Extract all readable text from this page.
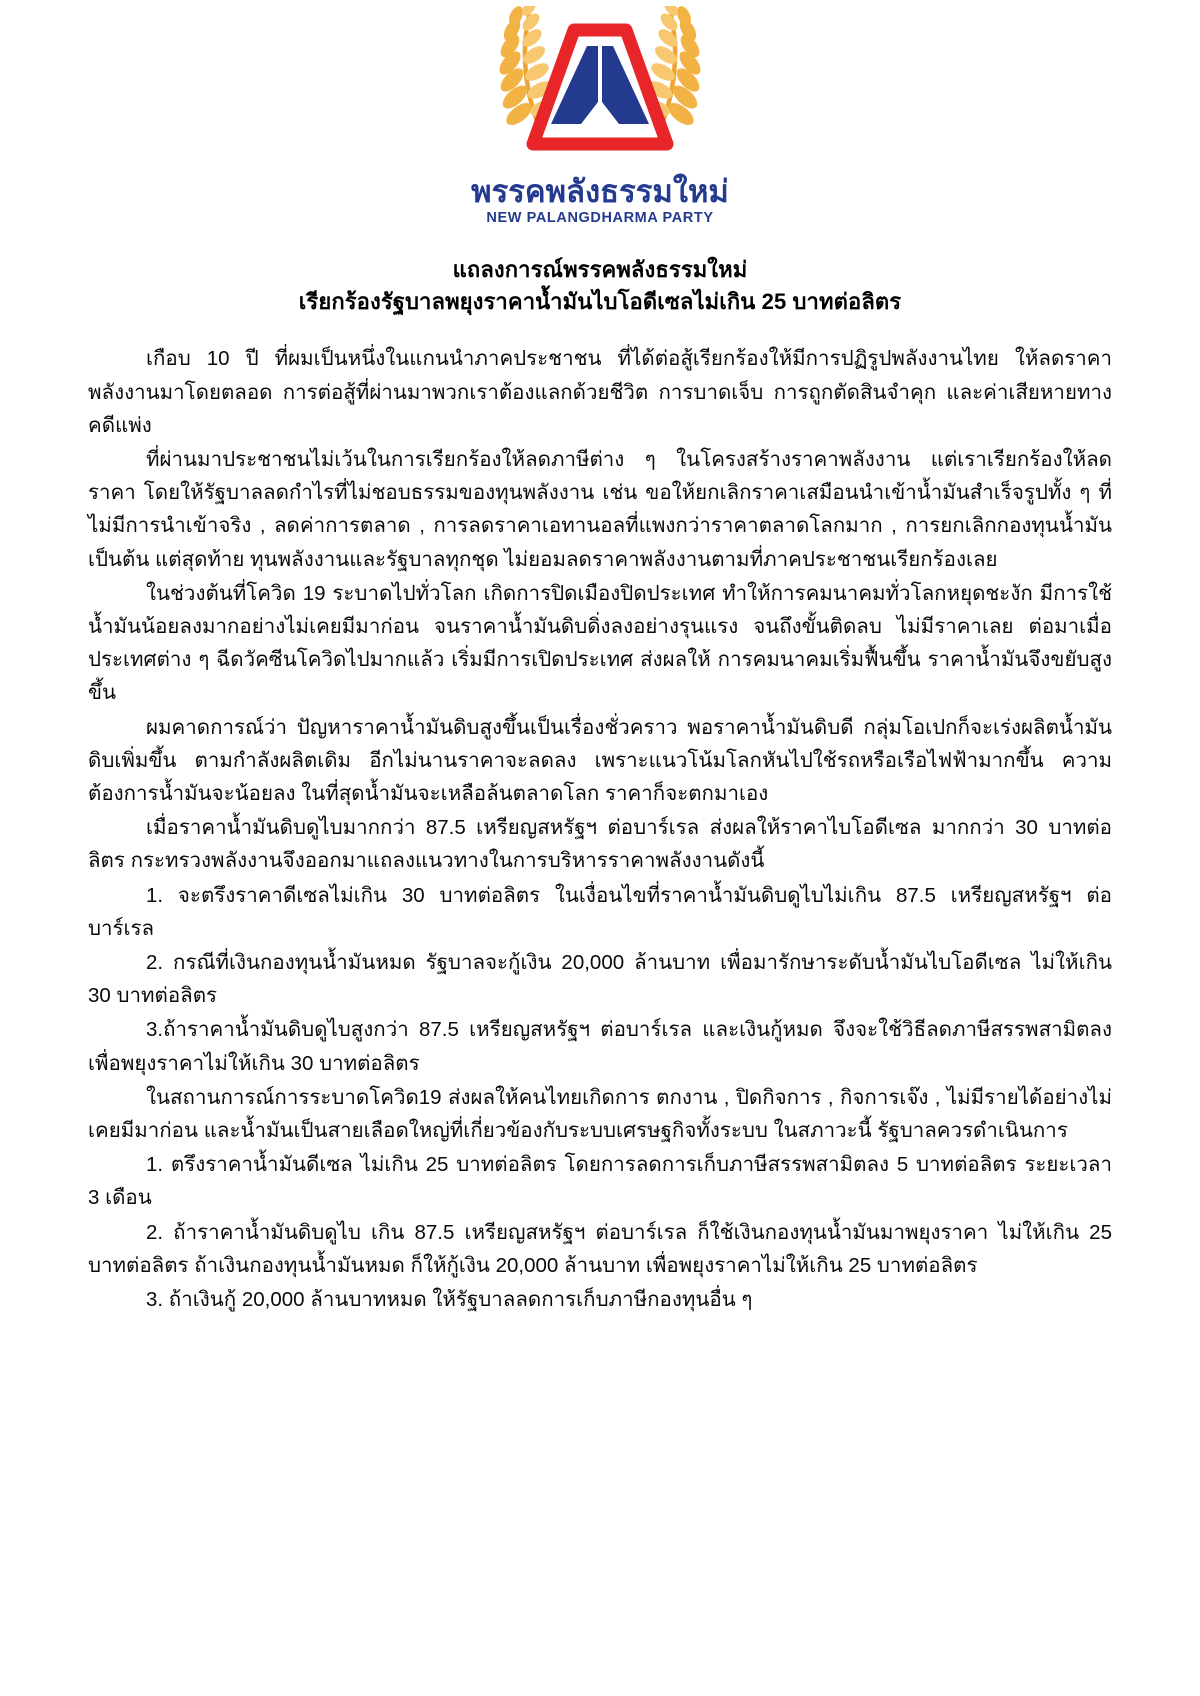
พรรคพลังธรรมใหม่
NEW PALANGDHARMA PARTY
แถลงการณ์พรรคพลังธรรมใหม่
เรียกร้องรัฐบาลพยุงราคาน้ำมันไบโอดีเซลไม่เกิน 25 บาทต่อลิตร

เกือบ 10 ปี ที่ผมเป็นหนึ่งในแกนนำภาคประชาชน ที่ได้ต่อสู้เรียกร้องให้มีการปฏิรูปพลังงานไทย ให้ลดราคาพลังงานมาโดยตลอด การต่อสู้ที่ผ่านมาพวกเราต้องแลกด้วยชีวิต การบาดเจ็บ การถูกตัดสินจำคุก และค่าเสียหายทางคดีแพ่ง

ที่ผ่านมาประชาชนไม่เว้นในการเรียกร้องให้ลดภาษีต่าง ๆ ในโครงสร้างราคาพลังงาน แต่เราเรียกร้องให้ลดราคา โดยให้รัฐบาลลดกำไรที่ไม่ชอบธรรมของทุนพลังงาน เช่น ขอให้ยกเลิกราคาเสมือนนำเข้าน้ำมันสำเร็จรูปทั้ง ๆ ที่ไม่มีการนำเข้าจริง , ลดค่าการตลาด , การลดราคาเอทานอลที่แพงกว่าราคาตลาดโลกมาก , การยกเลิกกองทุนน้ำมัน เป็นต้น แต่สุดท้าย ทุนพลังงานและรัฐบาลทุกชุด ไม่ยอมลดราคาพลังงานตามที่ภาคประชาชนเรียกร้องเลย

ในช่วงต้นที่โควิด 19 ระบาดไปทั่วโลก เกิดการปิดเมืองปิดประเทศ ทำให้การคมนาคมทั่วโลกหยุดชะงัก มีการใช้น้ำมันน้อยลงมากอย่างไม่เคยมีมาก่อน จนราคาน้ำมันดิบดิ่งลงอย่างรุนแรง จนถึงขั้นติดลบ ไม่มีราคาเลย ต่อมาเมื่อประเทศต่าง ๆ ฉีดวัคซีนโควิดไปมากแล้ว เริ่มมีการเปิดประเทศ ส่งผลให้ การคมนาคมเริ่มฟื้นขึ้น ราคาน้ำมันจึงขยับสูงขึ้น

ผมคาดการณ์ว่า ปัญหาราคาน้ำมันดิบสูงขึ้นเป็นเรื่องชั่วคราว พอราคาน้ำมันดิบดี กลุ่มโอเปกก็จะเร่งผลิตน้ำมันดิบเพิ่มขึ้น ตามกำลังผลิตเดิม อีกไม่นานราคาจะลดลง เพราะแนวโน้มโลกหันไปใช้รถหรือเรือไฟฟ้ามากขึ้น ความต้องการน้ำมันจะน้อยลง ในที่สุดน้ำมันจะเหลือล้นตลาดโลก ราคาก็จะตกมาเอง

เมื่อราคาน้ำมันดิบดูไบมากกว่า 87.5 เหรียญสหรัฐฯ ต่อบาร์เรล ส่งผลให้ราคาไบโอดีเซล มากกว่า 30 บาทต่อลิตร กระทรวงพลังงานจึงออกมาแถลงแนวทางในการบริหารราคาพลังงานดังนี้

1. จะตรึงราคาดีเซลไม่เกิน 30 บาทต่อลิตร ในเงื่อนไขที่ราคาน้ำมันดิบดูไบไม่เกิน 87.5 เหรียญสหรัฐฯ ต่อบาร์เรล

2. กรณีที่เงินกองทุนน้ำมันหมด รัฐบาลจะกู้เงิน 20,000 ล้านบาท เพื่อมารักษาระดับน้ำมันไบโอดีเซล ไม่ให้เกิน 30 บาทต่อลิตร

3.ถ้าราคาน้ำมันดิบดูไบสูงกว่า 87.5 เหรียญสหรัฐฯ ต่อบาร์เรล และเงินกู้หมด จึงจะใช้วิธีลดภาษีสรรพสามิตลง เพื่อพยุงราคาไม่ให้เกิน 30 บาทต่อลิตร

ในสถานการณ์การระบาดโควิด19 ส่งผลให้คนไทยเกิดการ ตกงาน , ปิดกิจการ , กิจการเจ๊ง , ไม่มีรายได้อย่างไม่เคยมีมาก่อน และน้ำมันเป็นสายเลือดใหญ่ที่เกี่ยวข้องกับระบบเศรษฐกิจทั้งระบบ ในสภาวะนี้ รัฐบาลควรดำเนินการ

1. ตรึงราคาน้ำมันดีเซล ไม่เกิน 25 บาทต่อลิตร โดยการลดการเก็บภาษีสรรพสามิตลง 5 บาทต่อลิตร ระยะเวลา 3 เดือน

2. ถ้าราคาน้ำมันดิบดูไบ เกิน 87.5 เหรียญสหรัฐฯ ต่อบาร์เรล ก็ใช้เงินกองทุนน้ำมันมาพยุงราคา ไม่ให้เกิน 25 บาทต่อลิตร ถ้าเงินกองทุนน้ำมันหมด ก็ให้กู้เงิน 20,000 ล้านบาท เพื่อพยุงราคาไม่ให้เกิน 25 บาทต่อลิตร

3. ถ้าเงินกู้ 20,000 ล้านบาทหมด ให้รัฐบาลลดการเก็บภาษีกองทุนอื่น ๆ
